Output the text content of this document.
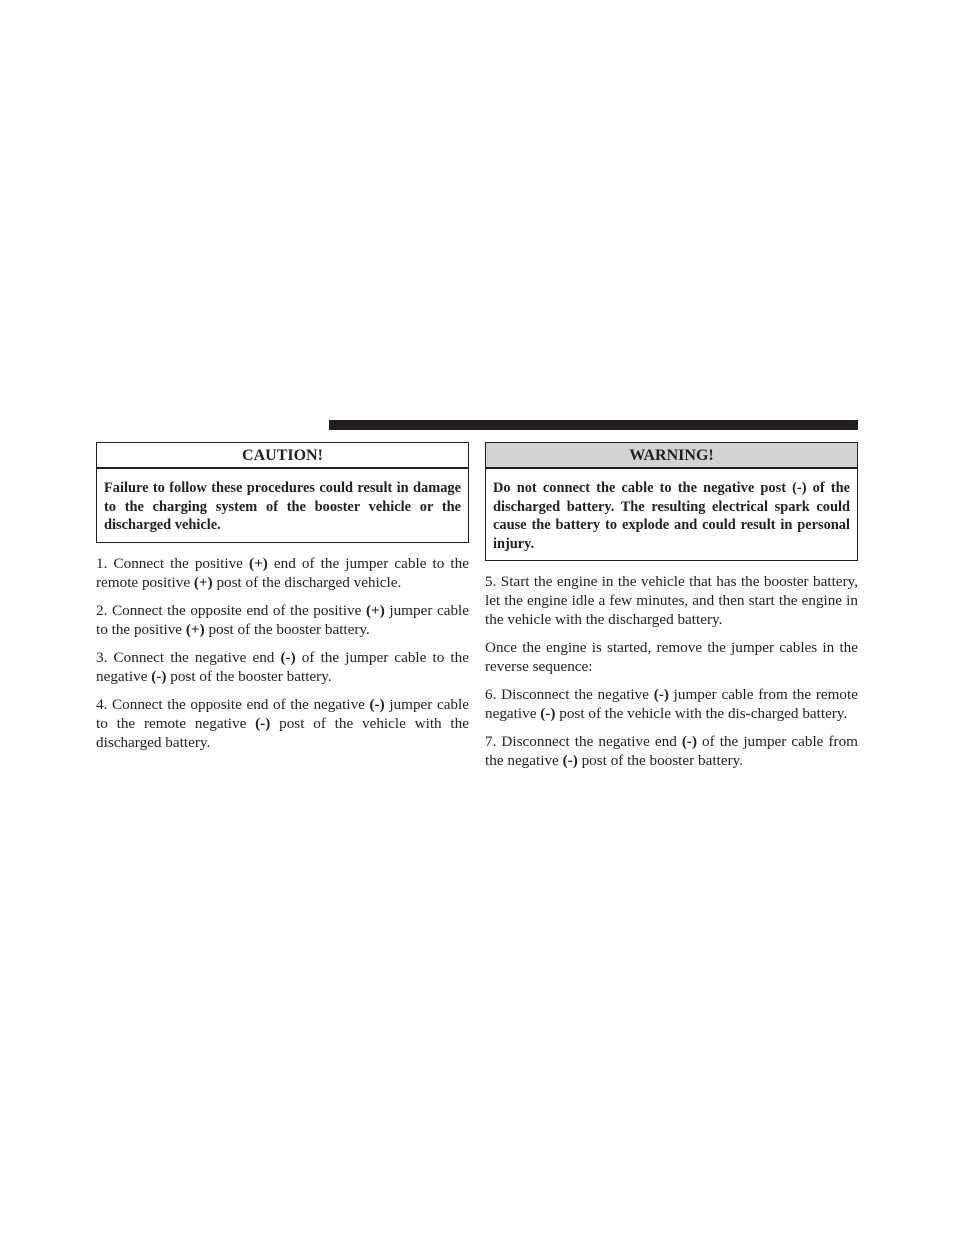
CAUTION!
Failure to follow these procedures could result in damage to the charging system of the booster vehicle or the discharged vehicle.

1. Connect the positive (+) end of the jumper cable to the remote positive (+) post of the discharged vehicle.

2. Connect the opposite end of the positive (+) jumper cable to the positive (+) post of the booster battery.

3. Connect the negative end (-) of the jumper cable to the negative (-) post of the booster battery.

4. Connect the opposite end of the negative (-) jumper cable to the remote negative (-) post of the vehicle with the discharged battery.

WARNING!
Do not connect the cable to the negative post (-) of the discharged battery. The resulting electrical spark could cause the battery to explode and could result in personal injury.

5. Start the engine in the vehicle that has the booster battery, let the engine idle a few minutes, and then start the engine in the vehicle with the discharged battery.

Once the engine is started, remove the jumper cables in the reverse sequence:

6. Disconnect the negative (-) jumper cable from the remote negative (-) post of the vehicle with the dis-charged battery.

7. Disconnect the negative end (-) of the jumper cable from the negative (-) post of the booster battery.
